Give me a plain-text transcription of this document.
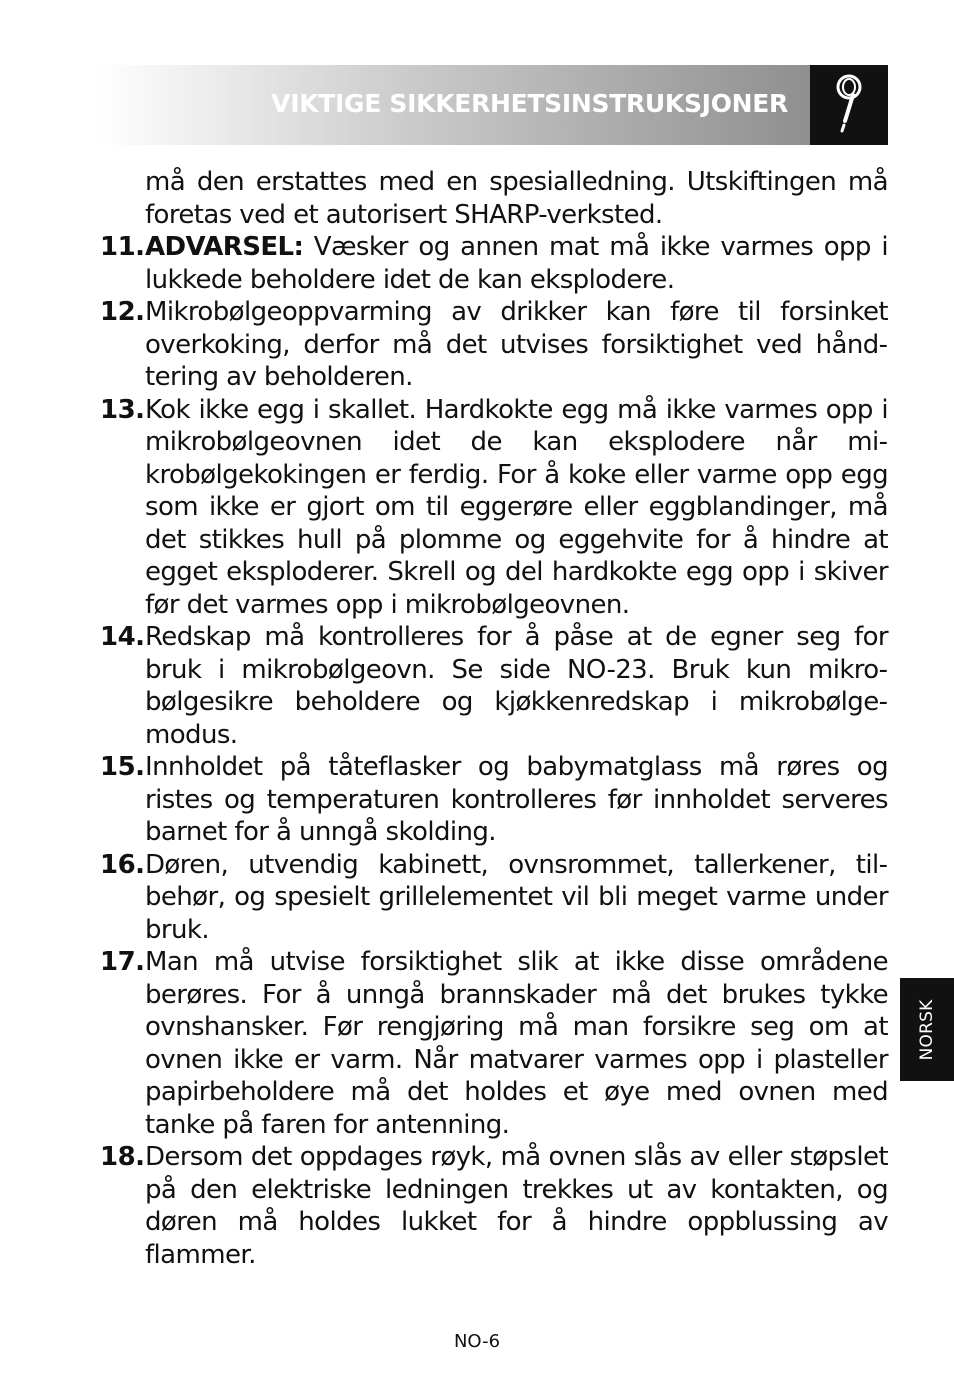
VIKTIGE SIKKERHETSINSTRUKSJONER
må den erstattes med en spesialledning. Utskiftingen må foretas ved et autorisert SHARP-verksted.
11. ADVARSEL: Væsker og annen mat må ikke varmes opp i lukkede beholdere idet de kan eksplodere.
12. Mikrobølgeoppvarming av drikker kan føre til forsinket overkoking, derfor må det utvises forsiktighet ved håndtering av beholderen.
13. Kok ikke egg i skallet. Hardkokte egg må ikke varmes opp i mikrobølgeovnen idet de kan eksplodere når mikrobølgekokingen er ferdig. For å koke eller varme opp egg som ikke er gjort om til eggerøre eller eggblandinger, må det stikkes hull på plomme og eggehvite for å hindre at egget eksploderer. Skrell og del hardkokte egg opp i skiver før det varmes opp i mikrobølgeovnen.
14. Redskap må kontrolleres for å påse at de egner seg for bruk i mikrobølgeovn. Se side NO-23. Bruk kun mikrobølgesikre beholdere og kjøkkenredskap i mikrobølgemodus.
15. Innholdet på tåteflasker og babymatglass må røres og ristes og temperaturen kontrolleres før innholdet serveres barnet for å unngå skolding.
16. Døren, utvendig kabinett, ovnsrommet, tallerkener, tilbehør, og spesielt grillelementet vil bli meget varme under bruk.
17. Man må utvise forsiktighet slik at ikke disse områdene berøres. For å unngå brannskader må det brukes tykke ovnshansker. Før rengjøring må man forsikre seg om at ovnen ikke er varm. Når matvarer varmes opp i plasteller papirbeholdere må det holdes et øye med ovnen med tanke på faren for antenning.
18. Dersom det oppdages røyk, må ovnen slås av eller støpslet på den elektriske ledningen trekkes ut av kontakten, og døren må holdes lukket for å hindre oppblussing av flammer.
NORSK
NO-6
